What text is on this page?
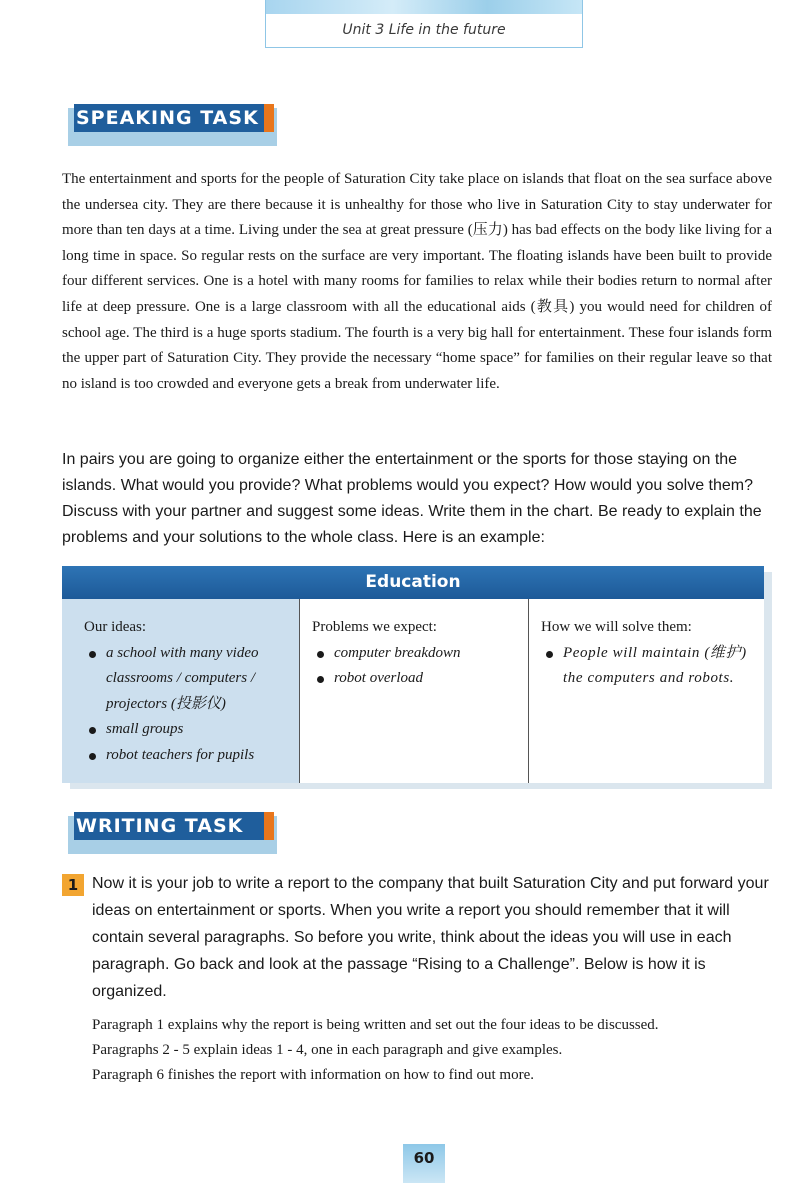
Unit 3 Life in the future
SPEAKING TASK

The entertainment and sports for the people of Saturation City take place on islands that float on the sea surface above the undersea city. They are there because it is unhealthy for those who live in Saturation City to stay underwater for more than ten days at a time. Living under the sea at great pressure (压力) has bad effects on the body like living for a long time in space. So regular rests on the surface are very important. The floating islands have been built to provide four different services. One is a hotel with many rooms for families to relax while their bodies return to normal after life at deep pressure. One is a large classroom with all the educational aids (教具) you would need for children of school age. The third is a huge sports stadium. The fourth is a very big hall for entertainment. These four islands form the upper part of Saturation City. They provide the necessary “home space” for families on their regular leave so that no island is too crowded and everyone gets a break from underwater life.

In pairs you are going to organize either the entertainment or the sports for those staying on the islands. What would you provide? What problems would you expect? How would you solve them? Discuss with your partner and suggest some ideas. Write them in the chart. Be ready to explain the problems and your solutions to the whole class. Here is an example:

Education
Our ideas:
a school with many video classrooms / computers / projectors (投影仪)
small groups
robot teachers for pupils
Problems we expect:
computer breakdown
robot overload
How we will solve them:
People will maintain (维护) the computers and robots.
WRITING TASK
1 Now it is your job to write a report to the company that built Saturation City and put forward your ideas on entertainment or sports. When you write a report you should remember that it will contain several paragraphs. So before you write, think about the ideas you will use in each paragraph. Go back and look at the passage “Rising to a Challenge”. Below is how it is organized.

Paragraph 1 explains why the report is being written and set out the four ideas to be discussed.

Paragraphs 2 - 5 explain ideas 1 - 4, one in each paragraph and give examples.

Paragraph 6 finishes the report with information on how to find out more.

60
